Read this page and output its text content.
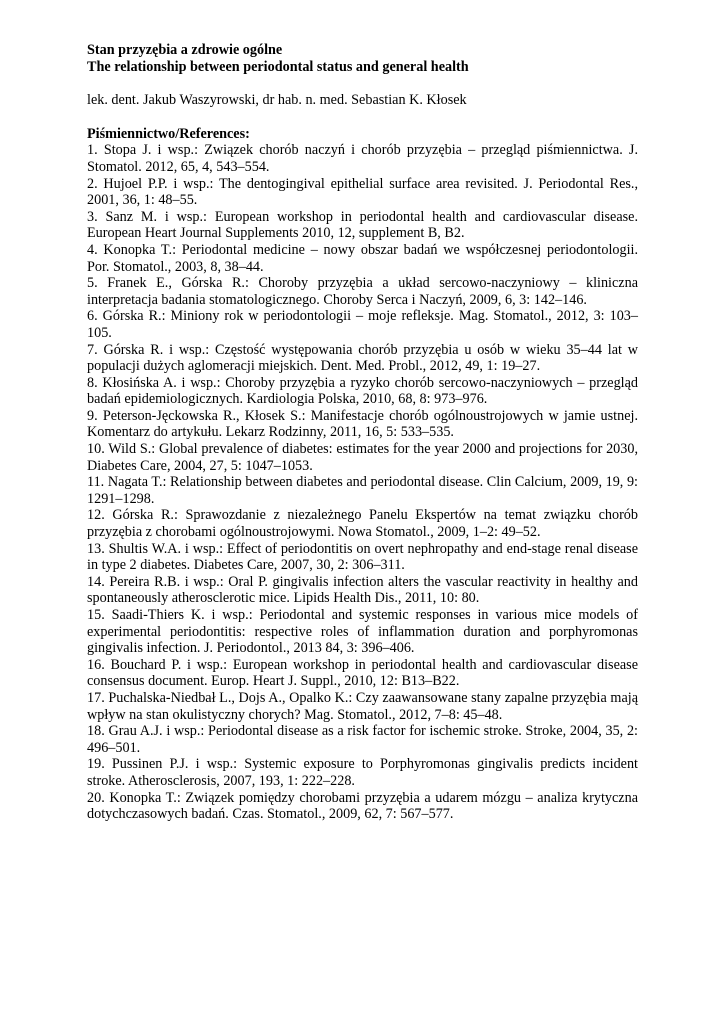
Stan przyzębia a zdrowie ogólne
The relationship between periodontal status and general health

lek. dent. Jakub Waszyrowski, dr hab. n. med. Sebastian K. Kłosek

Piśmiennictwo/References:

1. Stopa J. i wsp.: Związek chorób naczyń i chorób przyzębia – przegląd piśmiennictwa. J. Stomatol. 2012, 65, 4, 543–554.
2. Hujoel P.P. i wsp.: The dentogingival epithelial surface area revisited. J. Periodontal Res., 2001, 36, 1: 48–55.
3. Sanz M. i wsp.: European workshop in periodontal health and cardiovascular disease. European Heart Journal Supplements 2010, 12, supplement B, B2.
4. Konopka T.: Periodontal medicine – nowy obszar badań we współczesnej periodontologii. Por. Stomatol., 2003, 8, 38–44.
5. Franek E., Górska R.: Choroby przyzębia a układ sercowo-naczyniowy – kliniczna interpretacja badania stomatologicznego. Choroby Serca i Naczyń, 2009, 6, 3: 142–146.
6. Górska R.: Miniony rok w periodontologii – moje refleksje. Mag. Stomatol., 2012, 3: 103–105.
7. Górska R. i wsp.: Częstość występowania chorób przyzębia u osób w wieku 35–44 lat w populacji dużych aglomeracji miejskich. Dent. Med. Probl., 2012, 49, 1: 19–27.
8. Kłosińska A. i wsp.: Choroby przyzębia a ryzyko chorób sercowo-naczyniowych – przegląd badań epidemiologicznych. Kardiologia Polska, 2010, 68, 8: 973–976.
9. Peterson-Jęckowska R., Kłosek S.: Manifestacje chorób ogólnoustrojowych w jamie ustnej. Komentarz do artykułu. Lekarz Rodzinny, 2011, 16, 5: 533–535.
10. Wild S.: Global prevalence of diabetes: estimates for the year 2000 and projections for 2030, Diabetes Care, 2004, 27, 5: 1047–1053.
11. Nagata T.: Relationship between diabetes and periodontal disease. Clin Calcium, 2009, 19, 9: 1291–1298.
12. Górska R.: Sprawozdanie z niezależnego Panelu Ekspertów na temat związku chorób przyzębia z chorobami ogólnoustrojowymi. Nowa Stomatol., 2009, 1–2: 49–52.
13. Shultis W.A. i wsp.: Effect of periodontitis on overt nephropathy and end-stage renal disease in type 2 diabetes. Diabetes Care, 2007, 30, 2: 306–311.
14. Pereira R.B. i wsp.: Oral P. gingivalis infection alters the vascular reactivity in healthy and spontaneously atherosclerotic mice. Lipids Health Dis., 2011, 10: 80.
15. Saadi-Thiers K. i wsp.: Periodontal and systemic responses in various mice models of experimental periodontitis: respective roles of inflammation duration and porphyromonas gingivalis infection. J. Periodontol., 2013 84, 3: 396–406.
16. Bouchard P. i wsp.: European workshop in periodontal health and cardiovascular disease consensus document. Europ. Heart J. Suppl., 2010, 12: B13–B22.
17. Puchalska-Niedbał L., Dojs A., Opalko K.: Czy zaawansowane stany zapalne przyzębia mają wpływ na stan okulistyczny chorych? Mag. Stomatol., 2012, 7–8: 45–48.
18. Grau A.J. i wsp.: Periodontal disease as a risk factor for ischemic stroke. Stroke, 2004, 35, 2: 496–501.
19. Pussinen P.J. i wsp.: Systemic exposure to Porphyromonas gingivalis predicts incident stroke. Atherosclerosis, 2007, 193, 1: 222–228.
20. Konopka T.: Związek pomiędzy chorobami przyzębia a udarem mózgu – analiza krytyczna dotychczasowych badań. Czas. Stomatol., 2009, 62, 7: 567–577.
